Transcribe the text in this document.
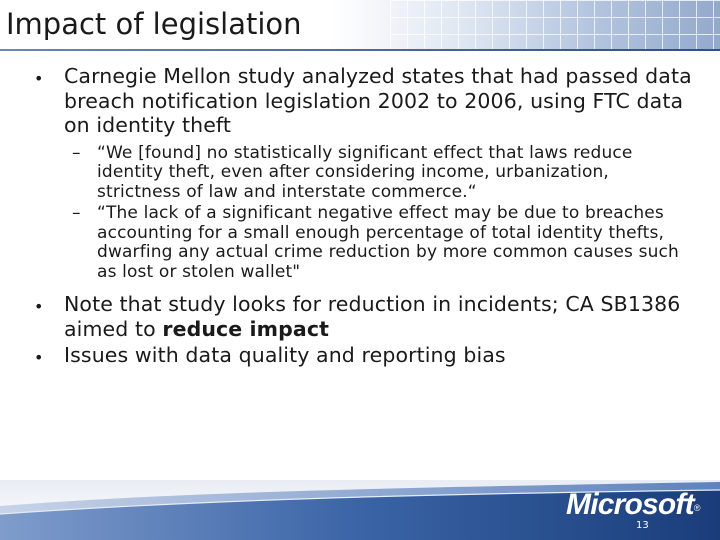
Impact of legislation
• Carnegie Mellon study analyzed states that had passed data breach notification legislation 2002 to 2006, using FTC data on identity theft
– “We [found] no statistically significant effect that laws reduce identity theft, even after considering income, urbanization, strictness of law and interstate commerce.“
– “The lack of a significant negative effect may be due to breaches accounting for a small enough percentage of total identity thefts, dwarfing any actual crime reduction by more common causes such as lost or stolen wallet"
• Note that study looks for reduction in incidents; CA SB1386 aimed to reduce impact
• Issues with data quality and reporting bias
Microsoft®
13
